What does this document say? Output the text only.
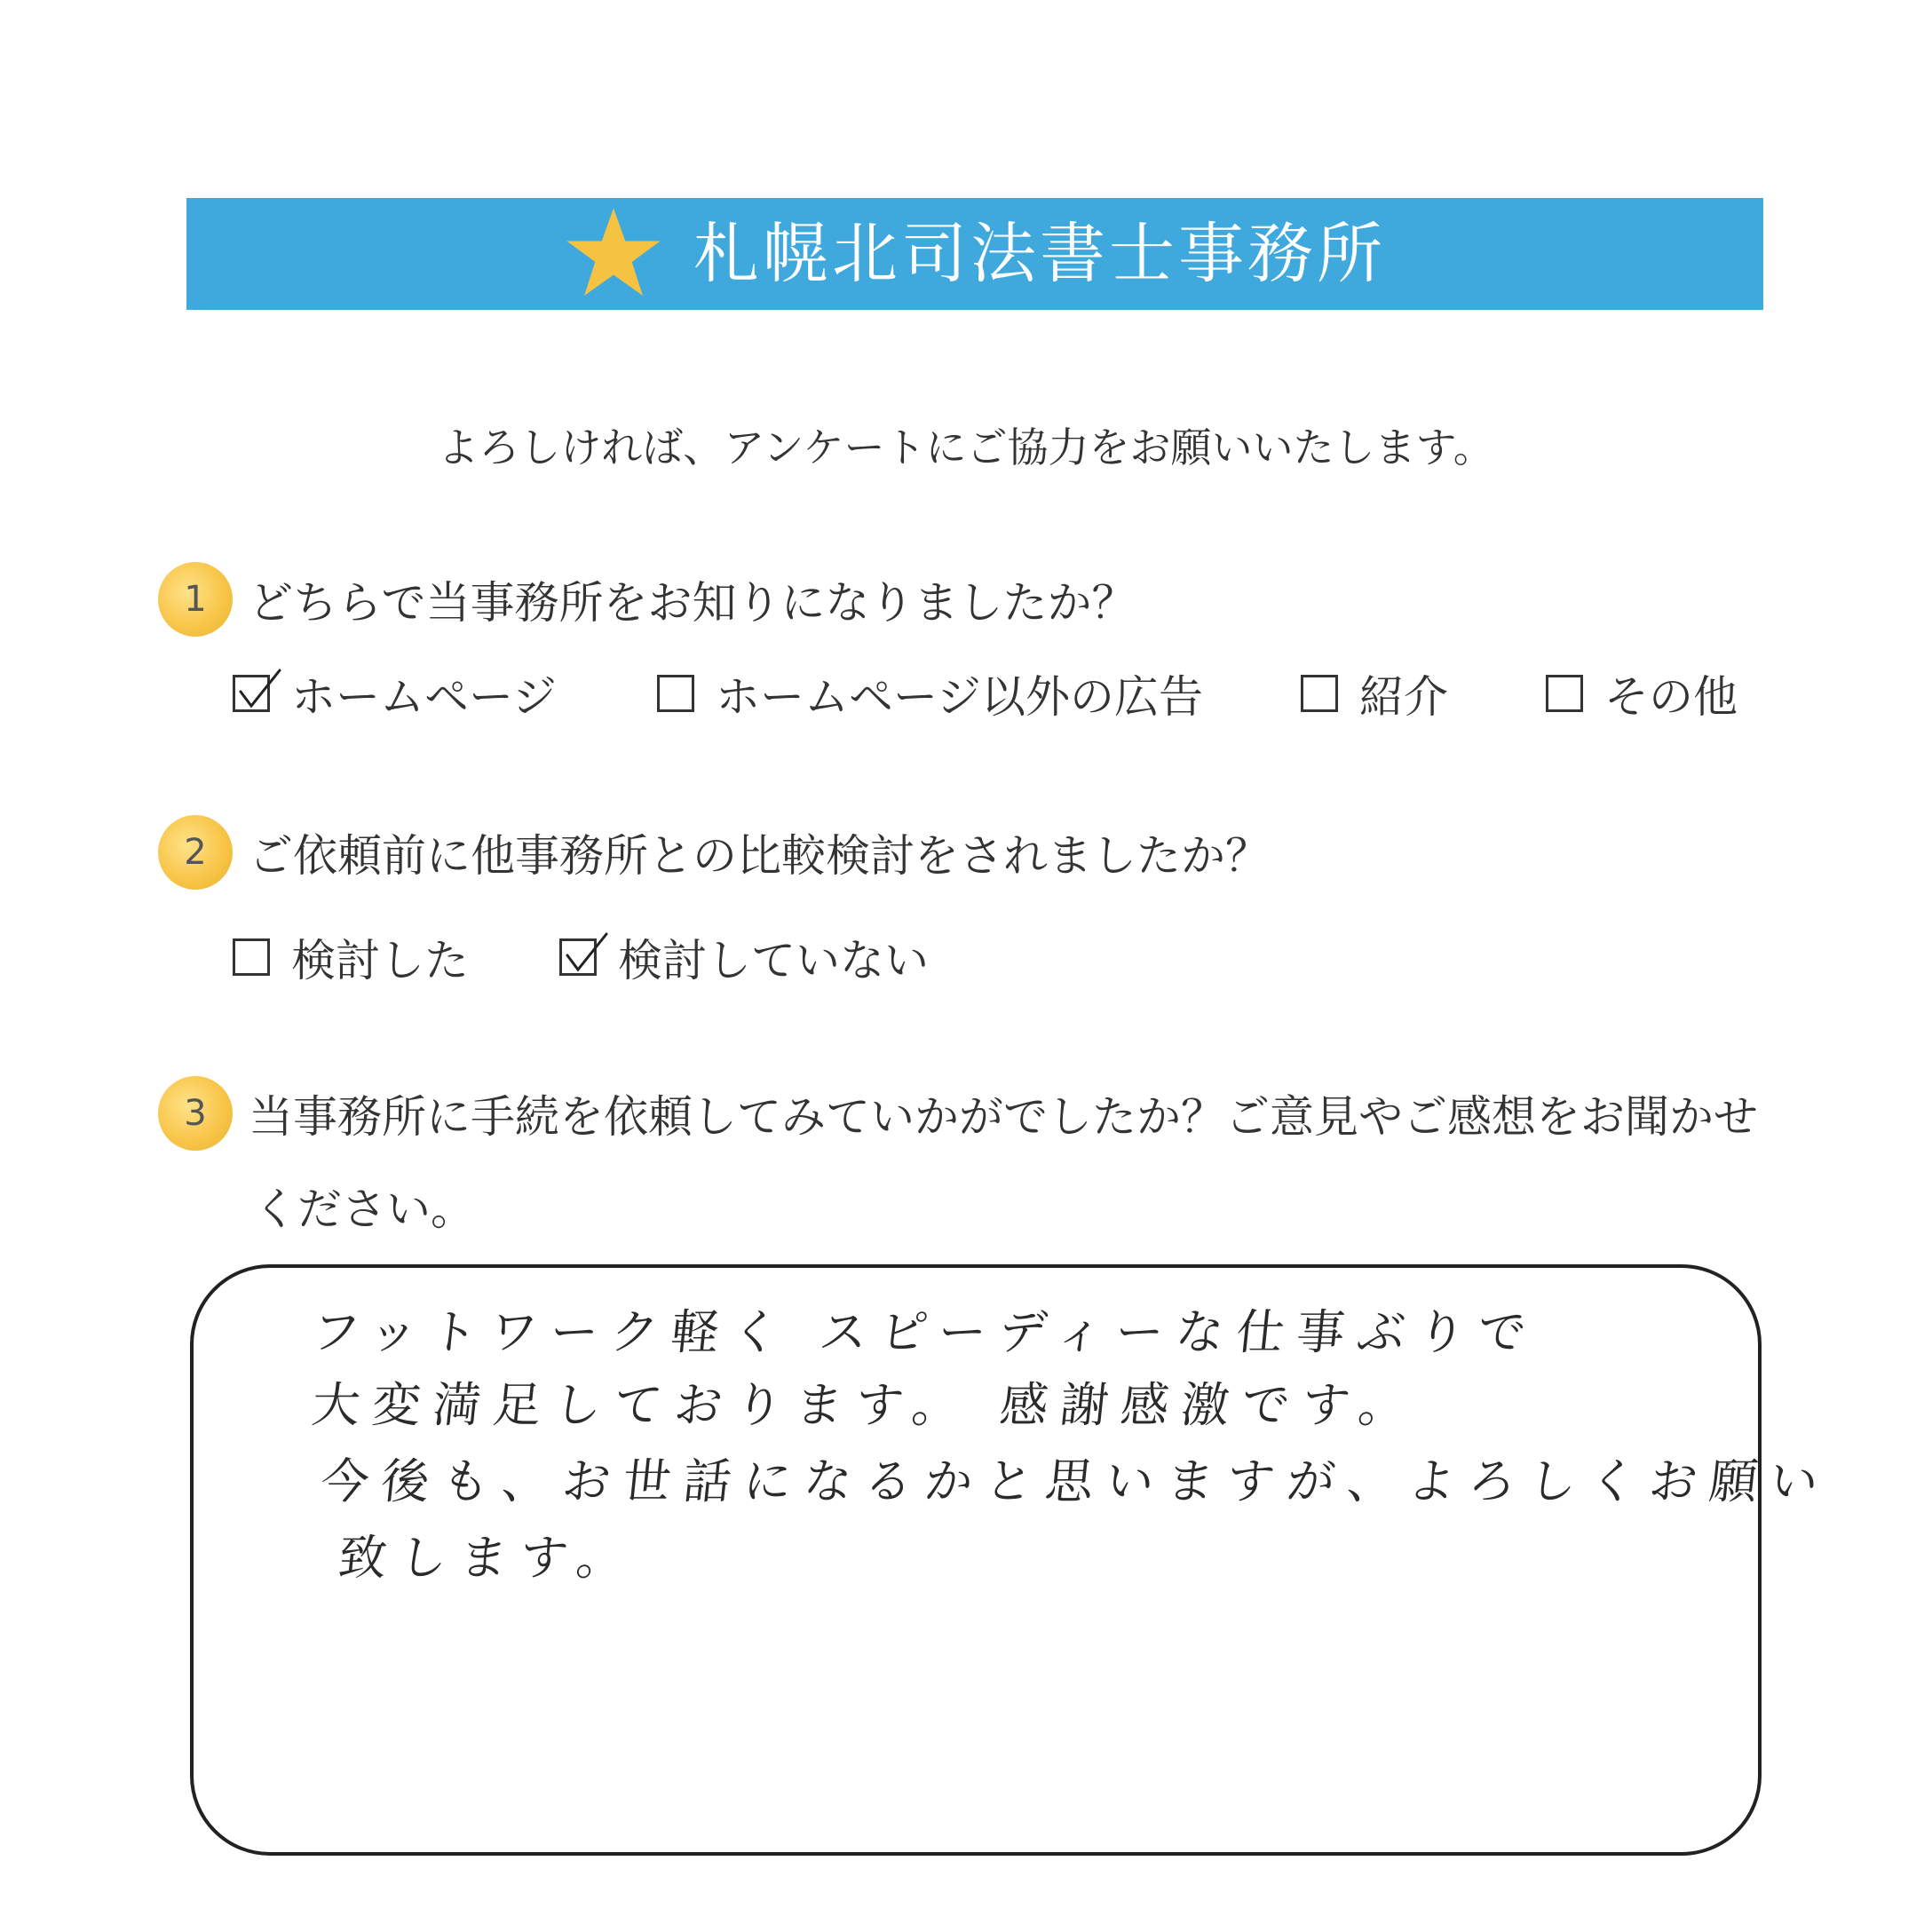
札幌北司法書士事務所
よろしければ、アンケートにご協力をお願いいたします。
1 どちらで当事務所をお知りになりましたか？
ホームページ	ホームページ以外の広告	紹介	その他
2 ご依頼前に他事務所との比較検討をされましたか？
検討した	検討していない
3 当事務所に手続を依頼してみていかがでしたか？ご意見やご感想をお聞かせ
ください。
フットワーク軽く スピーディーな仕事ぶりで
大変満足しております。 感謝感激です。
今後も、お世話になるかと思いますが、よろしくお願い
致します。
